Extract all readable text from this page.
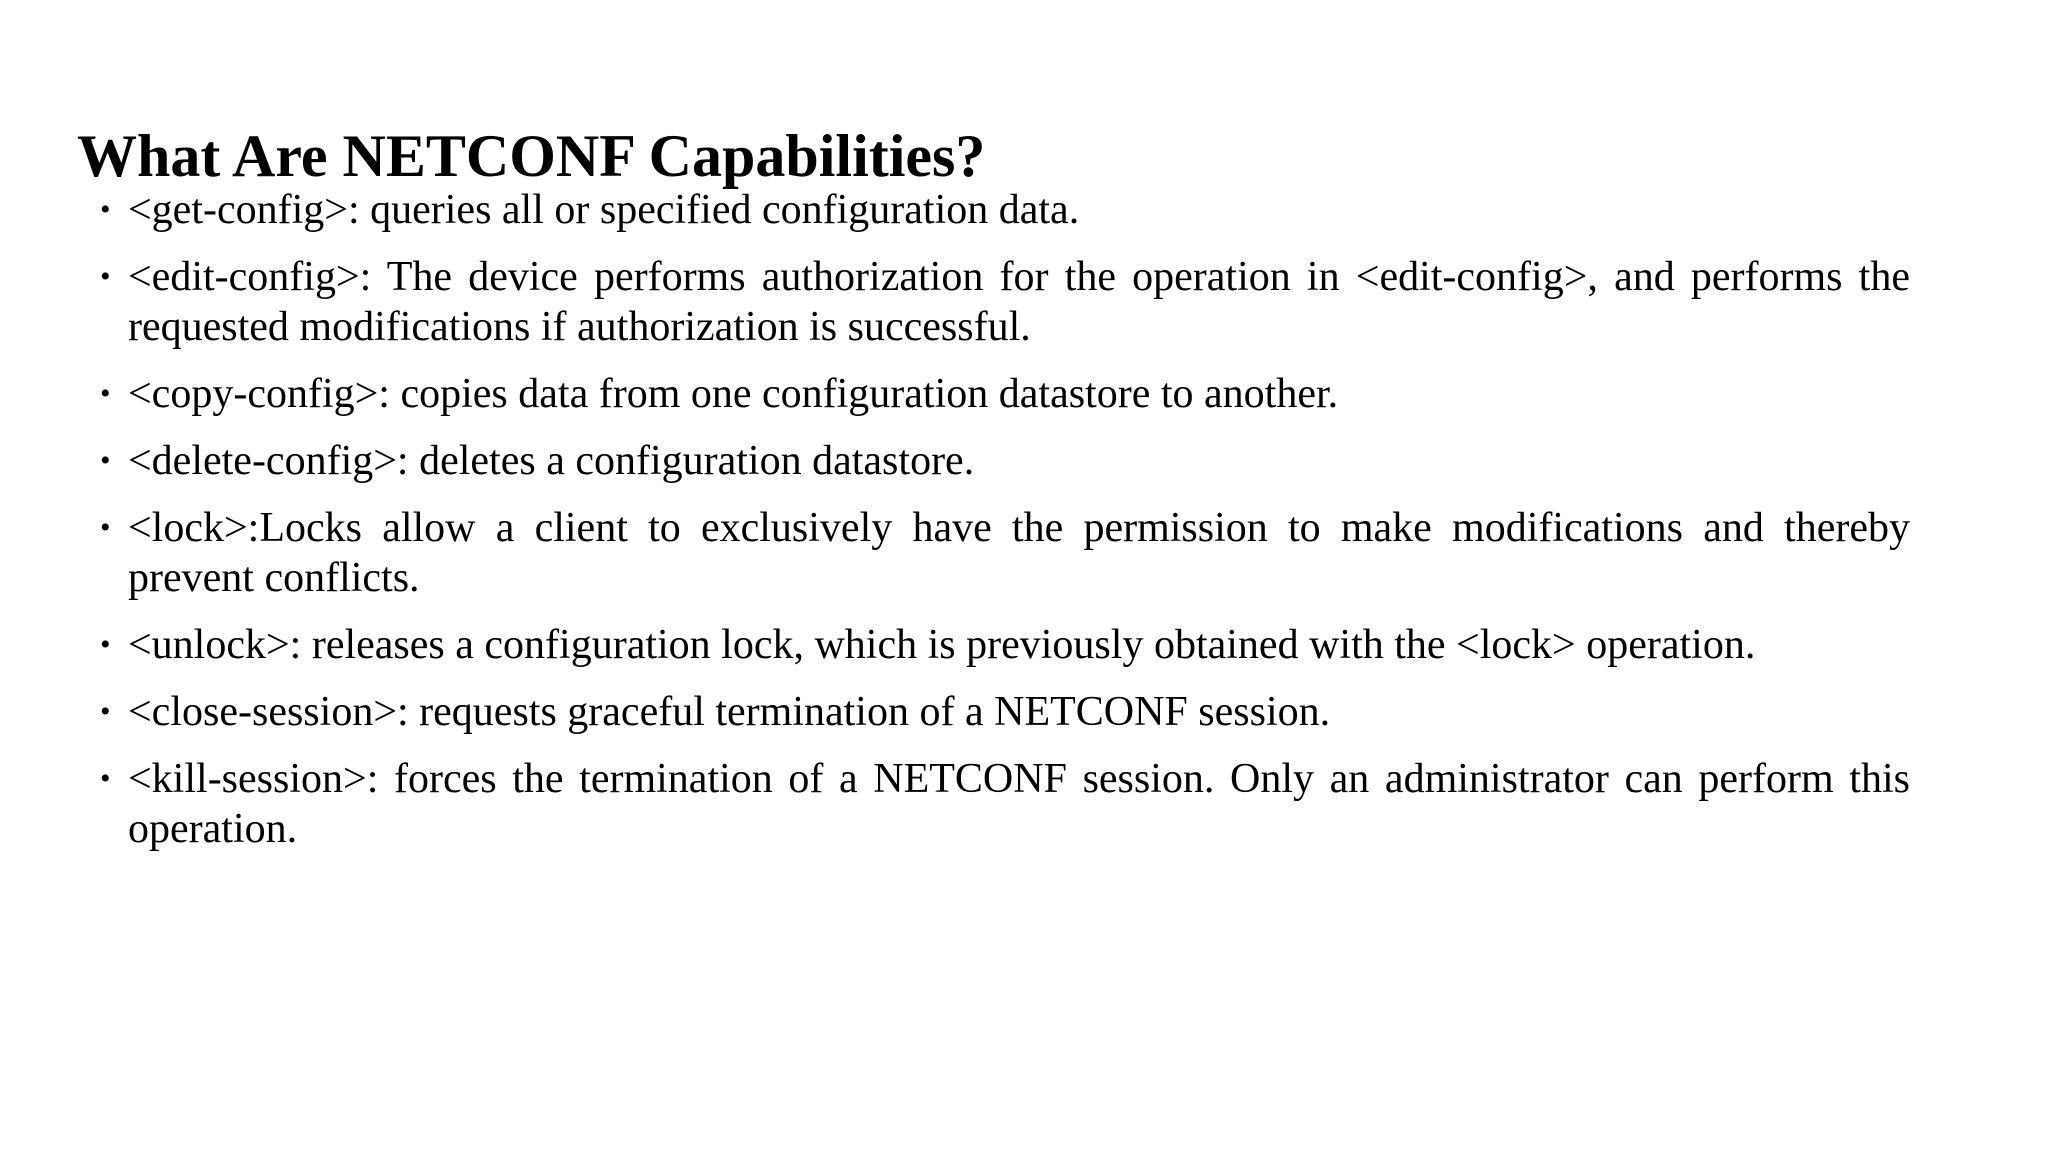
What Are NETCONF Capabilities?
• <get-config>: queries all or specified configuration data.
• <edit-config>: The device performs authorization for the operation in <edit-config>, and performs the requested modifications if authorization is successful.
• <copy-config>: copies data from one configuration datastore to another.
• <delete-config>: deletes a configuration datastore.
• <lock>:Locks allow a client to exclusively have the permission to make modifications and thereby prevent conflicts.
• <unlock>: releases a configuration lock, which is previously obtained with the <lock> operation.
• <close-session>: requests graceful termination of a NETCONF session.
• <kill-session>: forces the termination of a NETCONF session. Only an administrator can perform this operation.
